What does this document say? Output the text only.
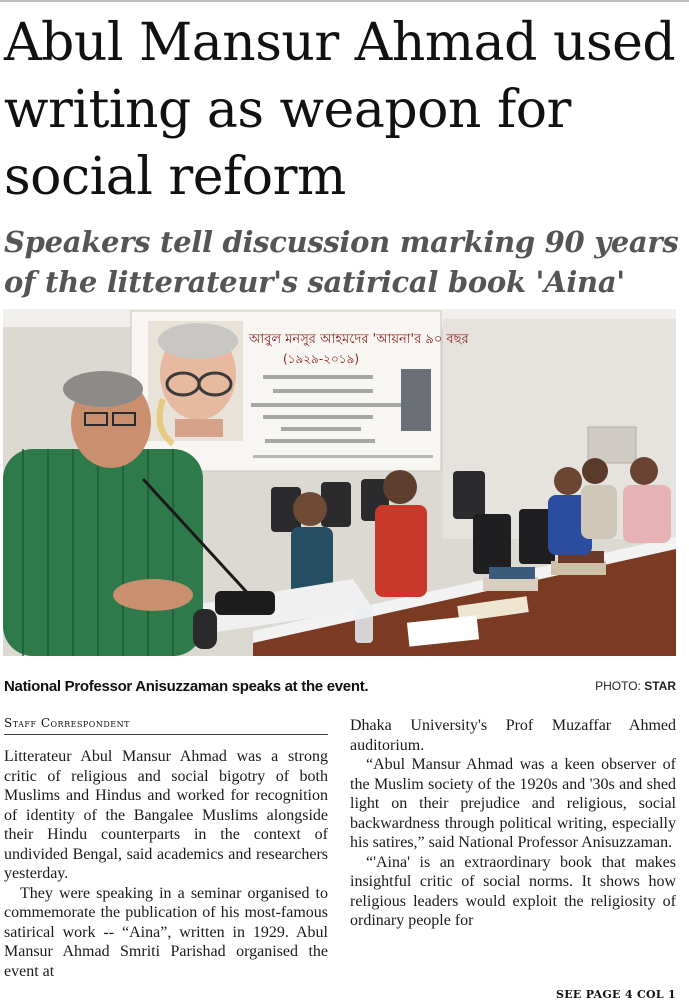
Abul Mansur Ahmad used writing as weapon for social reform
Speakers tell discussion marking 90 years of the litterateur's satirical book 'Aina'
আবুল মনসুর আহমদের 'আয়না'র ৯০ বছর
(১৯২৯-২০১৯)
National Professor Anisuzzaman speaks at the event.	PHOTO: STAR
Staff Correspondent

Litterateur Abul Mansur Ahmad was a strong critic of religious and social bigotry of both Muslims and Hindus and worked for recognition of identity of the Bangalee Muslims alongside their Hindu counterparts in the context of undivided Bengal, said academics and researchers yesterday.

They were speaking in a seminar organised to commemorate the publication of his most-famous satirical work -- “Aina”, written in 1929. Abul Mansur Ahmad Smriti Parishad organised the event at

Dhaka University's Prof Muzaffar Ahmed auditorium.

“Abul Mansur Ahmad was a keen observer of the Muslim society of the 1920s and '30s and shed light on their prejudice and religious, social backwardness through political writing, especially his satires,” said National Professor Anisuzzaman.

“'Aina' is an extraordinary book that makes insightful critic of social norms. It shows how religious leaders would exploit the religiosity of ordinary people for

SEE PAGE 4 COL 1
